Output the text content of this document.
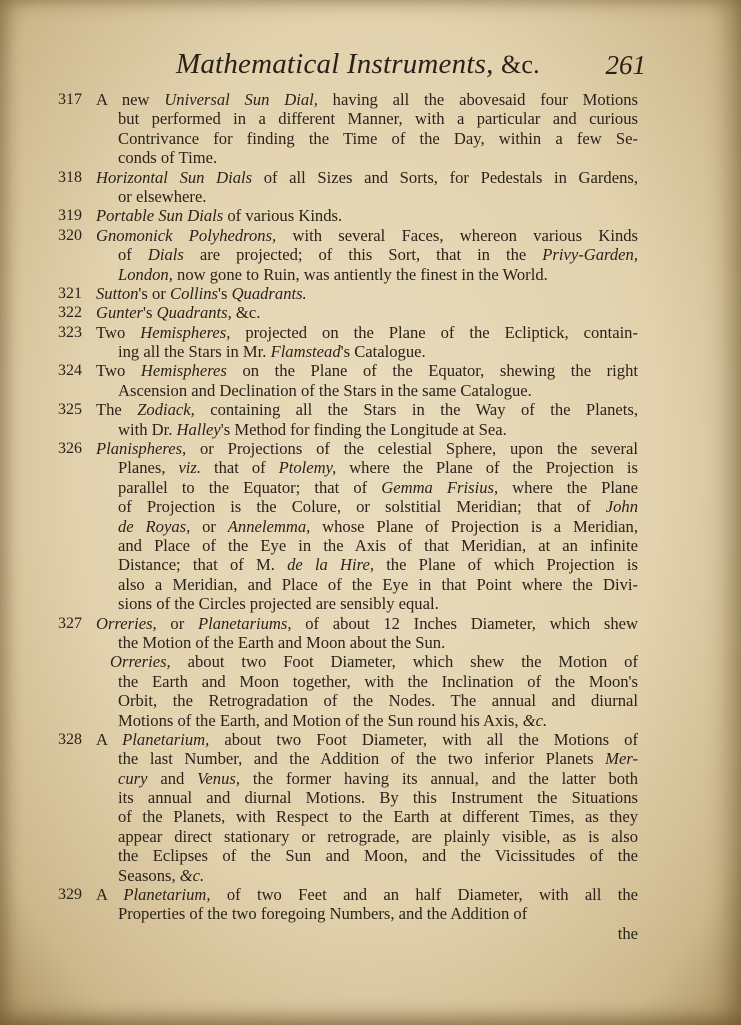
Mathematical Instruments, &c. 261
317 A new Universal Sun Dial, having all the abovesaid four Motions
but performed in a different Manner, with a particular and curious
Contrivance for finding the Time of the Day, within a few Se-
conds of Time.
318 Horizontal Sun Dials of all Sizes and Sorts, for Pedestals in Gardens,
or elsewhere.
319 Portable Sun Dials of various Kinds.
320 Gnomonick Polyhedrons, with several Faces, whereon various Kinds
of Dials are projected; of this Sort, that in the Privy-Garden,
London, now gone to Ruin, was antiently the finest in the World.
321 Sutton's or Collins's Quadrants.
322 Gunter's Quadrants, &c.
323 Two Hemispheres, projected on the Plane of the Ecliptick, contain-
ing all the Stars in Mr. Flamstead's Catalogue.
324 Two Hemispheres on the Plane of the Equator, shewing the right
Ascension and Declination of the Stars in the same Catalogue.
325 The Zodiack, containing all the Stars in the Way of the Planets,
with Dr. Halley's Method for finding the Longitude at Sea.
326 Planispheres, or Projections of the celestial Sphere, upon the several
Planes, viz. that of Ptolemy, where the Plane of the Projection is
parallel to the Equator; that of Gemma Frisius, where the Plane
of Projection is the Colure, or solstitial Meridian; that of John
de Royas, or Annelemma, whose Plane of Projection is a Meridian,
and Place of the Eye in the Axis of that Meridian, at an infinite
Distance; that of M. de la Hire, the Plane of which Projection is
also a Meridian, and Place of the Eye in that Point where the Divi-
sions of the Circles projected are sensibly equal.
327 Orreries, or Planetariums, of about 12 Inches Diameter, which shew
the Motion of the Earth and Moon about the Sun.
Orreries, about two Foot Diameter, which shew the Motion of
the Earth and Moon together, with the Inclination of the Moon's
Orbit, the Retrogradation of the Nodes. The annual and diurnal
Motions of the Earth, and Motion of the Sun round his Axis, &c.
328 A Planetarium, about two Foot Diameter, with all the Motions of
the last Number, and the Addition of the two inferior Planets Mer-
cury and Venus, the former having its annual, and the latter both
its annual and diurnal Motions. By this Instrument the Situations
of the Planets, with Respect to the Earth at different Times, as they
appear direct stationary or retrograde, are plainly visible, as is also
the Eclipses of the Sun and Moon, and the Vicissitudes of the
Seasons, &c.
329 A Planetarium, of two Feet and an half Diameter, with all the
Properties of the two foregoing Numbers, and the Addition of
the
